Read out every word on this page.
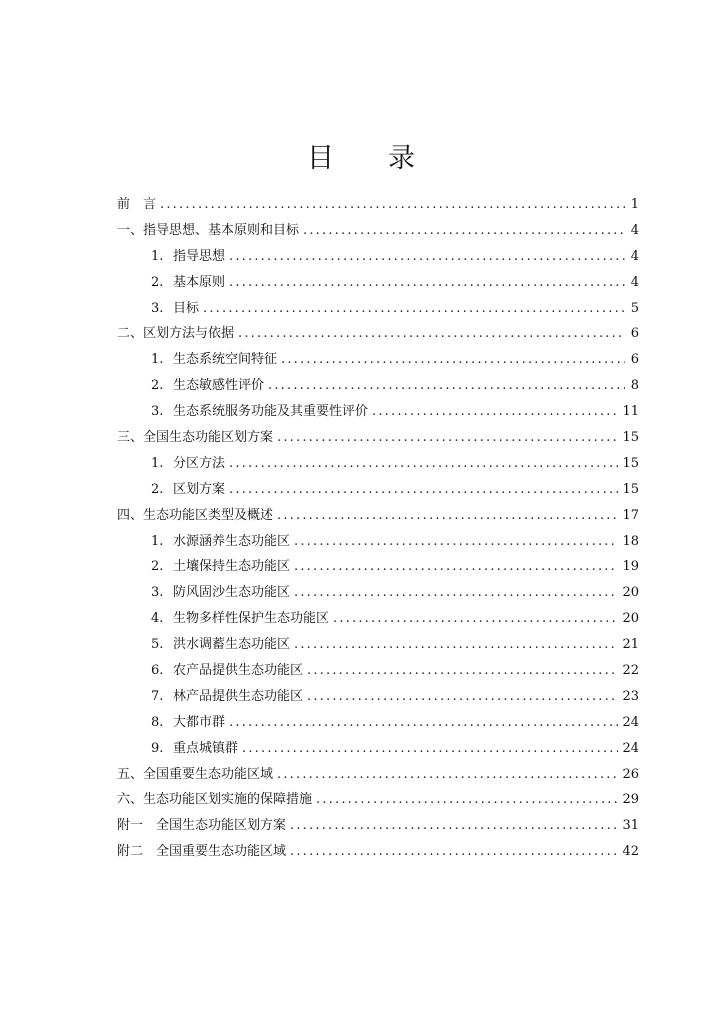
目 录
前　言 .....	1
一、指导思想、基本原则和目标 .....	4
1. 指导思想 .....	4
2. 基本原则 .....	4
3. 目标 .....	5
二、区划方法与依据 .....	6
1. 生态系统空间特征 .....	6
2. 生态敏感性评价 .....	8
3. 生态系统服务功能及其重要性评价 .....	11
三、全国生态功能区划方案 .....	15
1. 分区方法 .....	15
2. 区划方案 .....	15
四、生态功能区类型及概述 .....	17
1. 水源涵养生态功能区 .....	18
2. 土壤保持生态功能区 .....	19
3. 防风固沙生态功能区 .....	20
4. 生物多样性保护生态功能区 .....	20
5. 洪水调蓄生态功能区 .....	21
6. 农产品提供生态功能区 .....	22
7. 林产品提供生态功能区 .....	23
8. 大都市群 .....	24
9. 重点城镇群 .....	24
五、全国重要生态功能区域 .....	26
六、生态功能区划实施的保障措施 .....	29
附一　全国生态功能区划方案 .....	31
附二　全国重要生态功能区域 .....	42
